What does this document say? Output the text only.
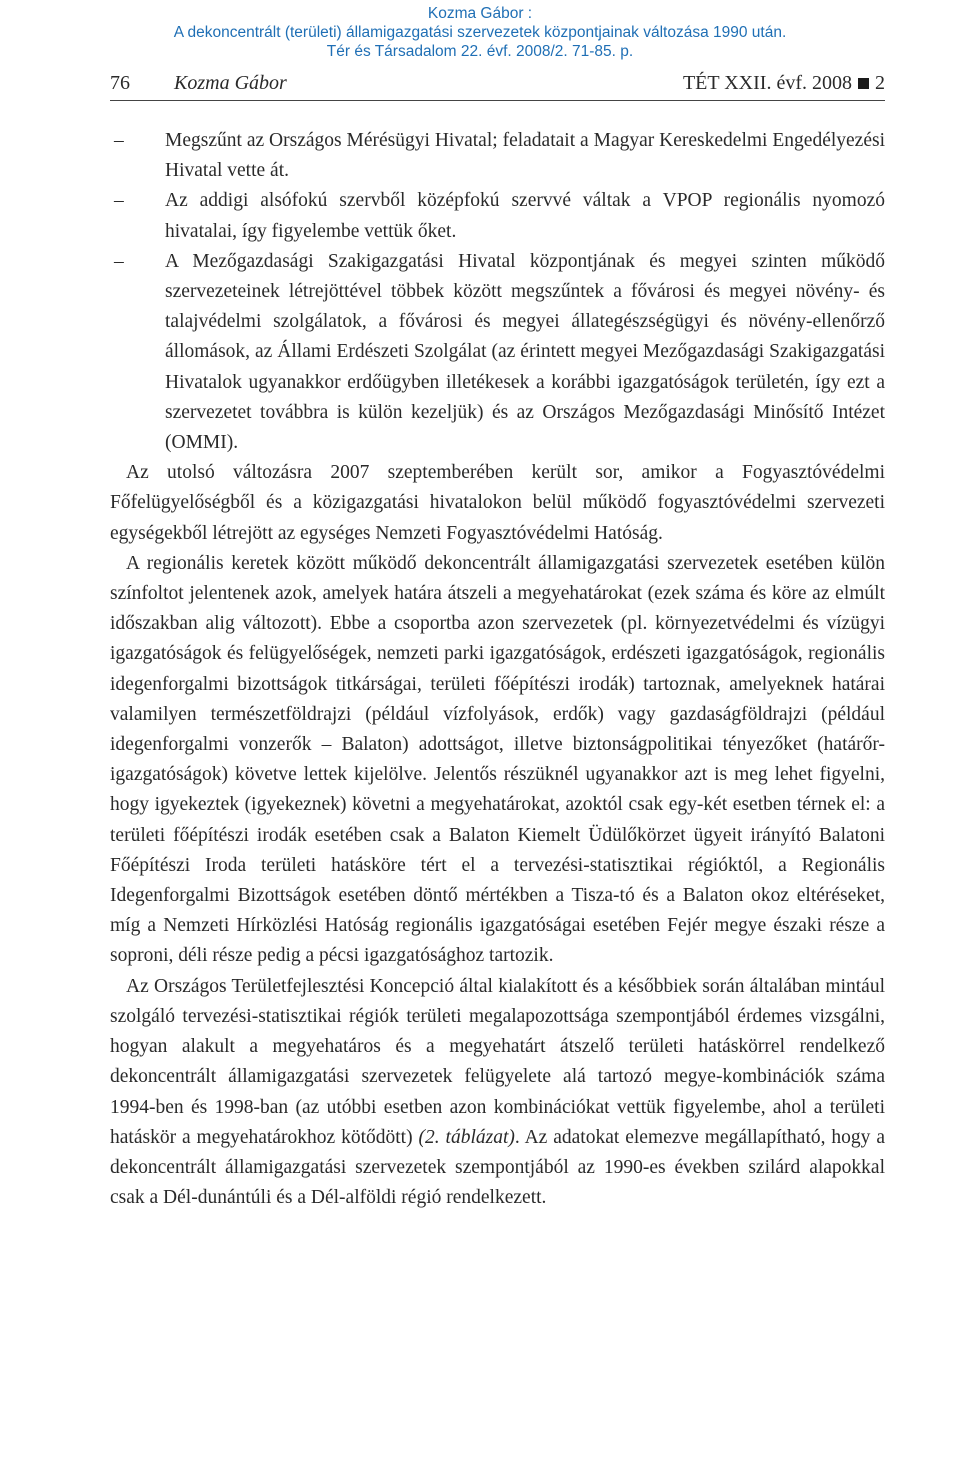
Kozma Gábor :
A dekoncentrált (területi) államigazgatási szervezetek központjainak változása 1990 után.
Tér és Társadalom 22. évf. 2008/2. 71-85. p.
76 Kozma Gábor	TÉT XXII. évf. 2008 2
– Megszűnt az Országos Mérésügyi Hivatal; feladatait a Magyar Kereskedelmi Engedélyezési Hivatal vette át.
– Az addigi alsófokú szervből középfokú szervvé váltak a VPOP regionális nyomozó hivatalai, így figyelembe vettük őket.
– A Mezőgazdasági Szakigazgatási Hivatal központjának és megyei szinten működő szervezeteinek létrejöttével többek között megszűntek a fővárosi és megyei növény- és talajvédelmi szolgálatok, a fővárosi és megyei állategészségügyi és növény-ellenőrző állomások, az Állami Erdészeti Szolgálat (az érintett megyei Mezőgazdasági Szakigazgatási Hivatalok ugyanakkor erdőügyben illetékesek a korábbi igazgatóságok területén, így ezt a szervezetet továbbra is külön kezeljük) és az Országos Mezőgazdasági Minősítő Intézet (OMMI).

Az utolsó változásra 2007 szeptemberében került sor, amikor a Fogyasztóvédelmi Főfelügyelőségből és a közigazgatási hivatalokon belül működő fogyasztóvédelmi szervezeti egységekből létrejött az egységes Nemzeti Fogyasztóvédelmi Hatóság.

A regionális keretek között működő dekoncentrált államigazgatási szervezetek esetében külön színfoltot jelentenek azok, amelyek határa átszeli a megyehatárokat (ezek száma és köre az elmúlt időszakban alig változott). Ebbe a csoportba azon szervezetek (pl. környezetvédelmi és vízügyi igazgatóságok és felügyelőségek, nemzeti parki igazgatóságok, erdészeti igazgatóságok, regionális idegenforgalmi bizottságok titkárságai, területi főépítészi irodák) tartoznak, amelyeknek határai valamilyen természetföldrajzi (például vízfolyások, erdők) vagy gazdaságföldrajzi (például idegenforgalmi vonzerők – Balaton) adottságot, illetve biztonságpolitikai tényezőket (határőr-igazgatóságok) követve lettek kijelölve. Jelentős részüknél ugyanakkor azt is meg lehet figyelni, hogy igyekeztek (igyekeznek) követni a megyehatárokat, azoktól csak egy-két esetben térnek el: a területi főépítészi irodák esetében csak a Balaton Kiemelt Üdülőkörzet ügyeit irányító Balatoni Főépítészi Iroda területi hatásköre tért el a tervezési-statisztikai régióktól, a Regionális Idegenforgalmi Bizottságok esetében döntő mértékben a Tisza-tó és a Balaton okoz eltéréseket, míg a Nemzeti Hírközlési Hatóság regionális igazgatóságai esetében Fejér megye északi része a soproni, déli része pedig a pécsi igazgatósághoz tartozik.

Az Országos Területfejlesztési Koncepció által kialakított és a későbbiek során általában mintául szolgáló tervezési-statisztikai régiók területi megalapozottsága szempontjából érdemes vizsgálni, hogyan alakult a megyehatáros és a megyehatárt átszelő területi hatáskörrel rendelkező dekoncentrált államigazgatási szervezetek felügyelete alá tartozó megye-kombinációk száma 1994-ben és 1998-ban (az utóbbi esetben azon kombinációkat vettük figyelembe, ahol a területi hatáskör a megyehatárokhoz kötődött) (2. táblázat). Az adatokat elemezve megállapítható, hogy a dekoncentrált államigazgatási szervezetek szempontjából az 1990-es években szilárd alapokkal csak a Dél-dunántúli és a Dél-alföldi régió rendelkezett.
